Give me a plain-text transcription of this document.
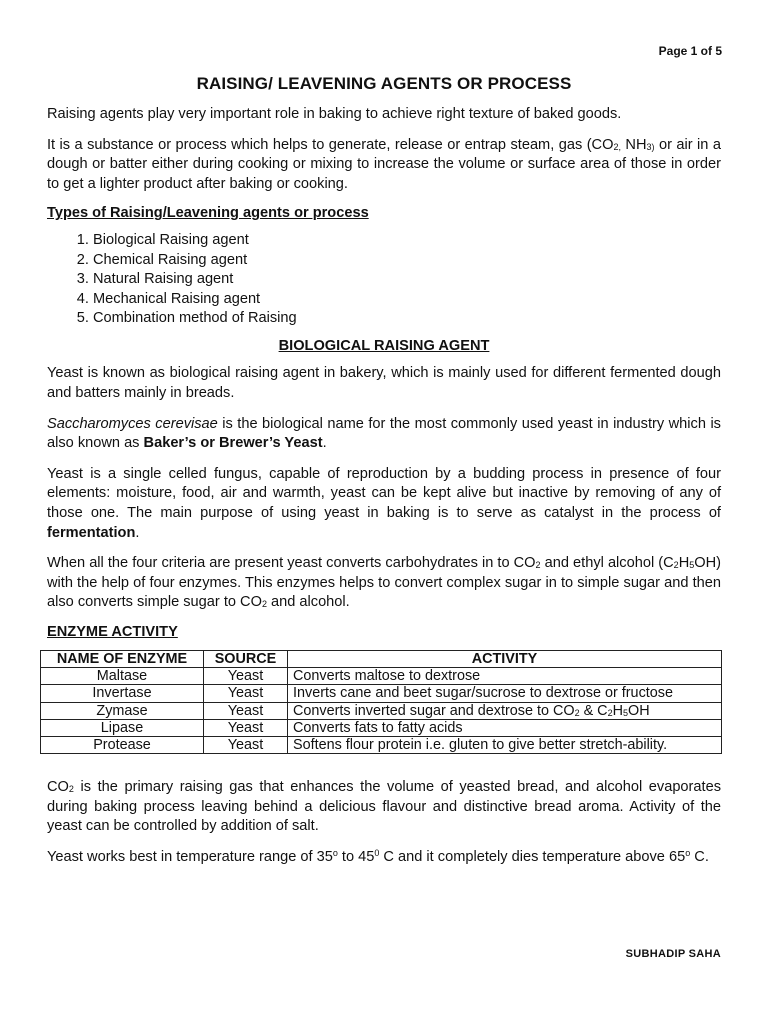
Page 1 of 5
RAISING/ LEAVENING AGENTS OR PROCESS

Raising agents play very important role in baking to achieve right texture of baked goods.

It is a substance or process which helps to generate, release or entrap steam, gas ($CO_{2,}$ $NH_{3)}$ or air in a dough or batter either during cooking or mixing to increase the volume or surface area of those in order to get a lighter product after baking or cooking.

Types of Raising/Leavening agents or process
1. Biological Raising agent
2. Chemical Raising agent
3. Natural Raising agent
4. Mechanical Raising agent
5. Combination method of Raising
BIOLOGICAL RAISING AGENT

Yeast is known as biological raising agent in bakery, which is mainly used for different fermented dough and batters mainly in breads.

Saccharomyces cerevisae is the biological name for the most commonly used yeast in industry which is also known as Baker’s or Brewer’s Yeast.

Yeast is a single celled fungus, capable of reproduction by a budding process in presence of four elements: moisture, food, air and warmth, yeast can be kept alive but inactive by removing of any of those one. The main purpose of using yeast in baking is to serve as catalyst in the process of fermentation.

When all the four criteria are present yeast converts carbohydrates in to $CO_2$ and ethyl alcohol $(C_2H_5OH)$ with the help of four enzymes. This enzymes helps to convert complex sugar in to simple sugar and then also converts simple sugar to $CO_2$ and alcohol.

ENZYME ACTIVITY
NAME OF ENZYME	SOURCE	ACTIVITY
Maltase	Yeast	Converts maltose to dextrose
Invertase	Yeast	Inverts cane and beet sugar/sucrose to dextrose or fructose
Zymase	Yeast	Converts inverted sugar and dextrose to $CO_2$ & $C_2H_5OH$
Lipase	Yeast	Converts fats to fatty acids
Protease	Yeast	Softens flour protein i.e. gluten to give better stretch-ability.

$CO_2$ is the primary raising gas that enhances the volume of yeasted bread, and alcohol evaporates during baking process leaving behind a delicious flavour and distinctive bread aroma. Activity of the yeast can be controlled by addition of salt.

Yeast works best in temperature range of 35$^o$ to $45^0$ C and it completely dies temperature above 65$^o$ C.

SUBHADIP SAHA
